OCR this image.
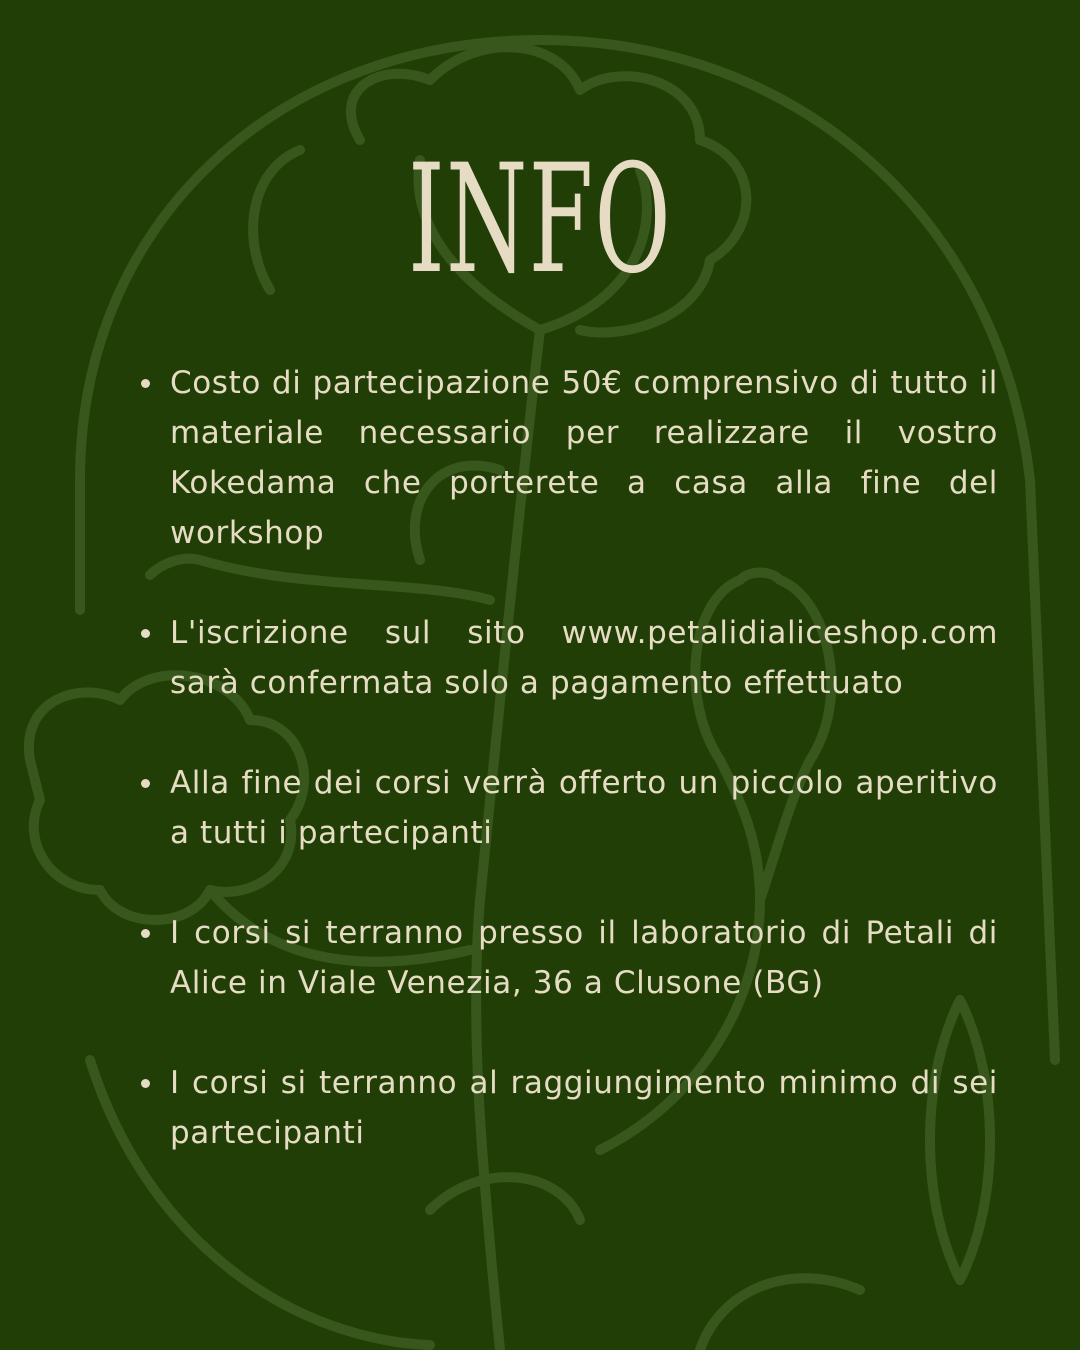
INFO
Costo di partecipazione 50€ comprensivo di tutto il materiale necessario per realizzare il vostro Kokedama che porterete a casa alla fine del workshop
L'iscrizione sul sito www.petalidialiceshop.com sarà confermata solo a pagamento effettuato
Alla fine dei corsi verrà offerto un piccolo aperitivo a tutti i partecipanti
I corsi si terranno presso il laboratorio di Petali di Alice in Viale Venezia, 36 a Clusone (BG)
I corsi si terranno al raggiungimento minimo di sei partecipanti
